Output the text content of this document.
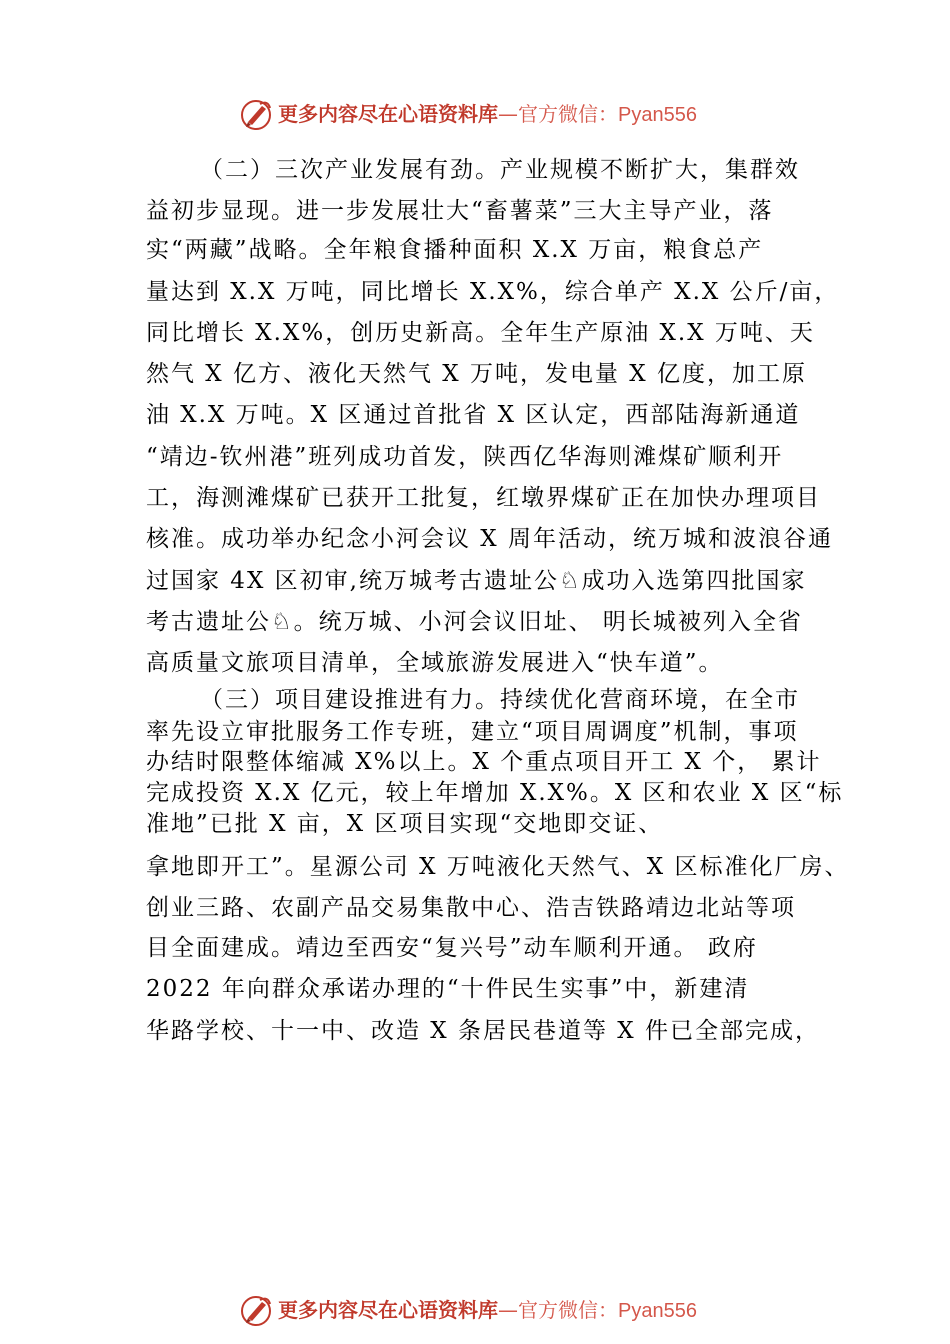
更多内容尽在心语资料库—官方微信：Pyan556
（二）三次产业发展有劲。产业规模不断扩大，集群效
益初步显现。进一步发展壮大“畜薯菜”三大主导产业，落
实“两藏”战略。全年粮食播种面积 X.X 万亩，粮食总产
量达到 X.X 万吨，同比增长 X.X%，综合单产 X.X 公斤/亩，
同比增长 X.X%，创历史新高。全年生产原油 X.X 万吨、天
然气 X 亿方、液化天然气 X 万吨，发电量 X 亿度，加工原
油 X.X 万吨。X 区通过首批省 X 区认定，西部陆海新通道
“靖边-钦州港”班列成功首发，陕西亿华海则滩煤矿顺利开
工，海测滩煤矿已获开工批复，红墩界煤矿正在加快办理项目
核准。成功举办纪念小河会议 X 周年活动，统万城和波浪谷通
过国家 4X 区初审,统万城考古遗址公♘成功入选第四批国家
考古遗址公♘。统万城、小河会议旧址、 明长城被列入全省
高质量文旅项目清单，全域旅游发展进入“快车道”。
（三）项目建设推进有力。持续优化营商环境，在全市
率先设立审批服务工作专班，建立“项目周调度”机制，事项
办结时限整体缩减 X%以上。X 个重点项目开工 X 个， 累计
完成投资 X.X 亿元，较上年增加 X.X%。X 区和农业 X 区“标
准地”已批 X 亩，X 区项目实现“交地即交证、
拿地即开工”。星源公司 X 万吨液化天然气、X 区标准化厂房、
创业三路、农副产品交易集散中心、浩吉铁路靖边北站等项
目全面建成。靖边至西安“复兴号”动车顺利开通。 政府
2022 年向群众承诺办理的“十件民生实事”中，新建清
华路学校、十一中、改造 X 条居民巷道等 X 件已全部完成，
更多内容尽在心语资料库—官方微信：Pyan556
